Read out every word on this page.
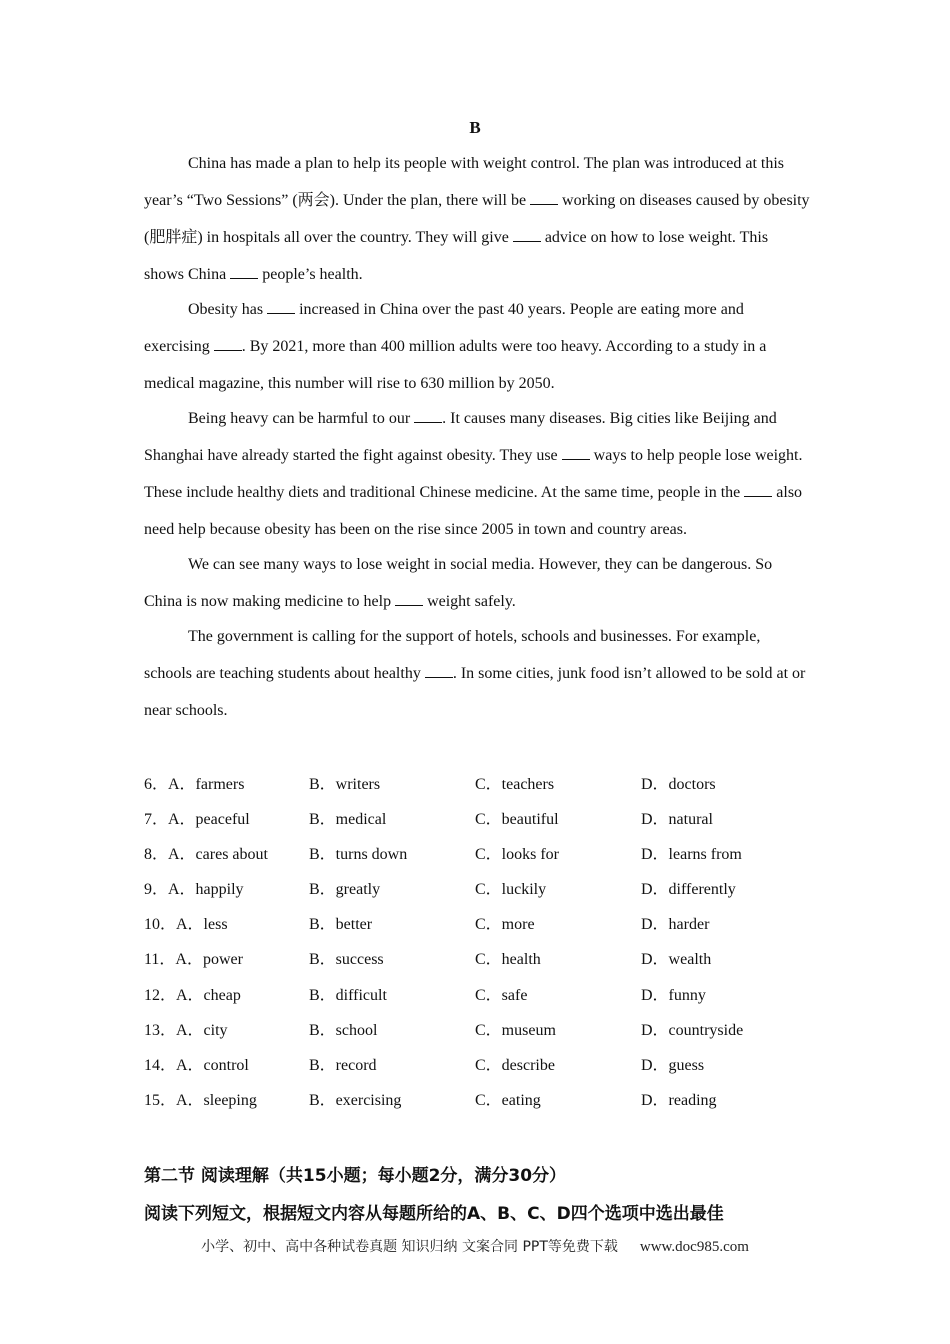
B

China has made a plan to help its people with weight control. The plan was introduced at this year’s “Two Sessions” (两会). Under the plan, there will be  working on diseases caused by obesity (肥胖症) in hospitals all over the country. They will give  advice on how to lose weight. This shows China  people’s health.

Obesity has  increased in China over the past 40 years. People are eating more and exercising . By 2021, more than 400 million adults were too heavy. According to a study in a medical magazine, this number will rise to 630 million by 2050.

Being heavy can be harmful to our . It causes many diseases. Big cities like Beijing and Shanghai have already started the fight against obesity. They use  ways to help people lose weight. These include healthy diets and traditional Chinese medicine. At the same time, people in the  also need help because obesity has been on the rise since 2005 in town and country areas.

We can see many ways to lose weight in social media. However, they can be dangerous. So China is now making medicine to help  weight safely.

The government is calling for the support of hotels, schools and businesses. For example, schools are teaching students about healthy . In some cities, junk food isn’t allowed to be sold at or near schools.

6．A．farmers	B．writers	C．teachers	D．doctors
7．A．peaceful	B．medical	C．beautiful	D．natural
8．A．cares about	B．turns down	C．looks for	D．learns from
9．A．happily	B．greatly	C．luckily	D．differently
10．A．less	B．better	C．more	D．harder
11．A．power	B．success	C．health	D．wealth
12．A．cheap	B．difficult	C．safe	D．funny
13．A．city	B．school	C．museum	D．countryside
14．A．control	B．record	C．describe	D．guess
15．A．sleeping	B．exercising	C．eating	D．reading
第二节 阅读理解（共15小题；每小题2分，满分30分）
阅读下列短文，根据短文内容从每题所给的A、B、C、D四个选项中选出最佳
小学、初中、高中各种试卷真题 知识归纳 文案合同 PPT等免费下载 www.doc985.com
